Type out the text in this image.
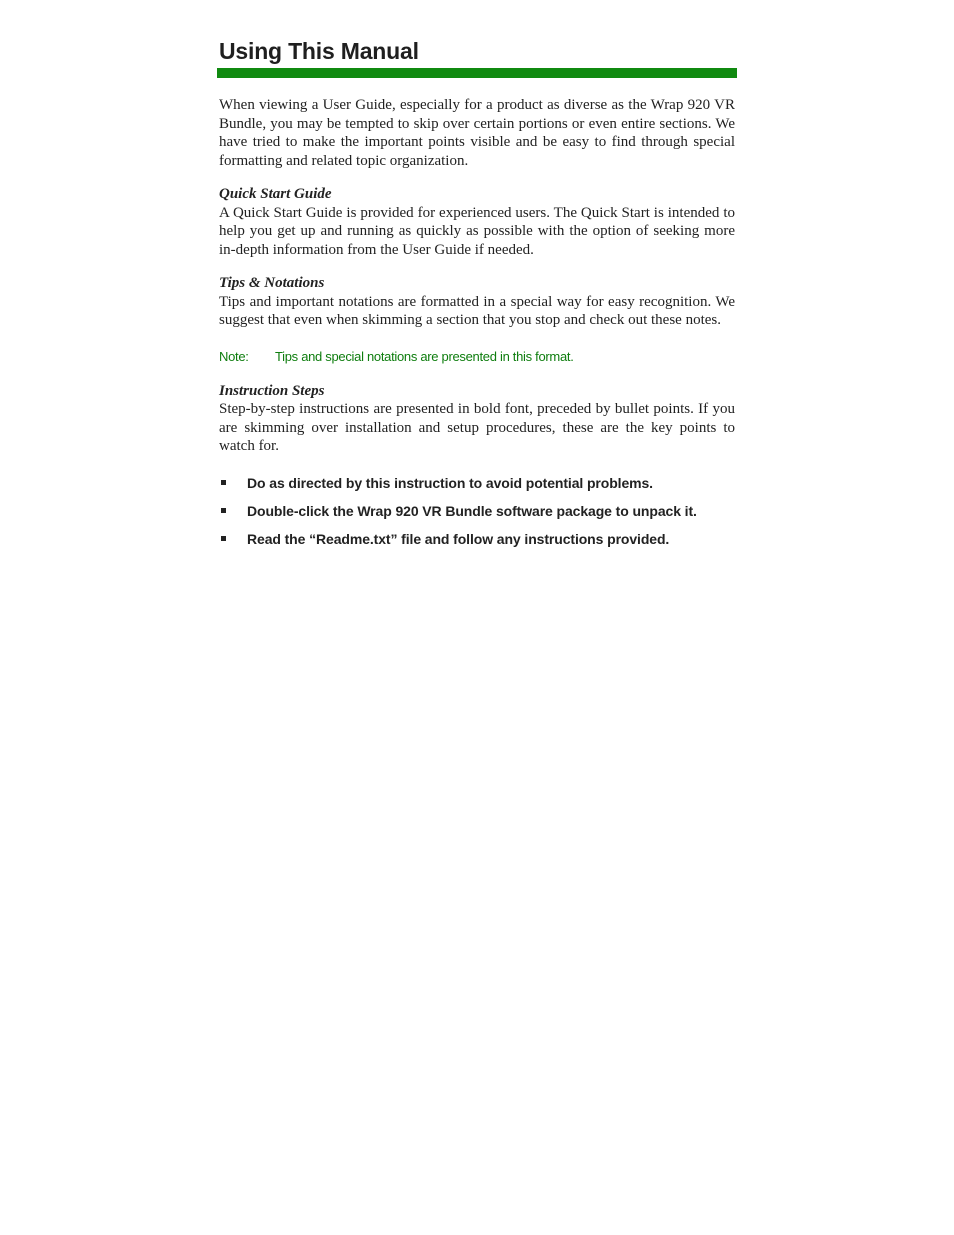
Using This Manual

When viewing a User Guide, especially for a product as diverse as the Wrap 920 VR Bundle, you may be tempted to skip over certain portions or even entire sections. We have tried to make the important points visible and be easy to find through special formatting and related topic organization.

Quick Start Guide

A Quick Start Guide is provided for experienced users. The Quick Start is intended to help you get up and running as quickly as possible with the option of seeking more in-depth information from the User Guide if needed.

Tips & Notations

Tips and important notations are formatted in a special way for easy recognition. We suggest that even when skimming a section that you stop and check out these notes.

Note:	Tips and special notations are presented in this format.

Instruction Steps

Step-by-step instructions are presented in bold font, preceded by bullet points. If you are skimming over installation and setup procedures, these are the key points to watch for.

Do as directed by this instruction to avoid potential problems.
Double-click the Wrap 920 VR Bundle software package to unpack it.
Read the “Readme.txt” file and follow any instructions provided.
